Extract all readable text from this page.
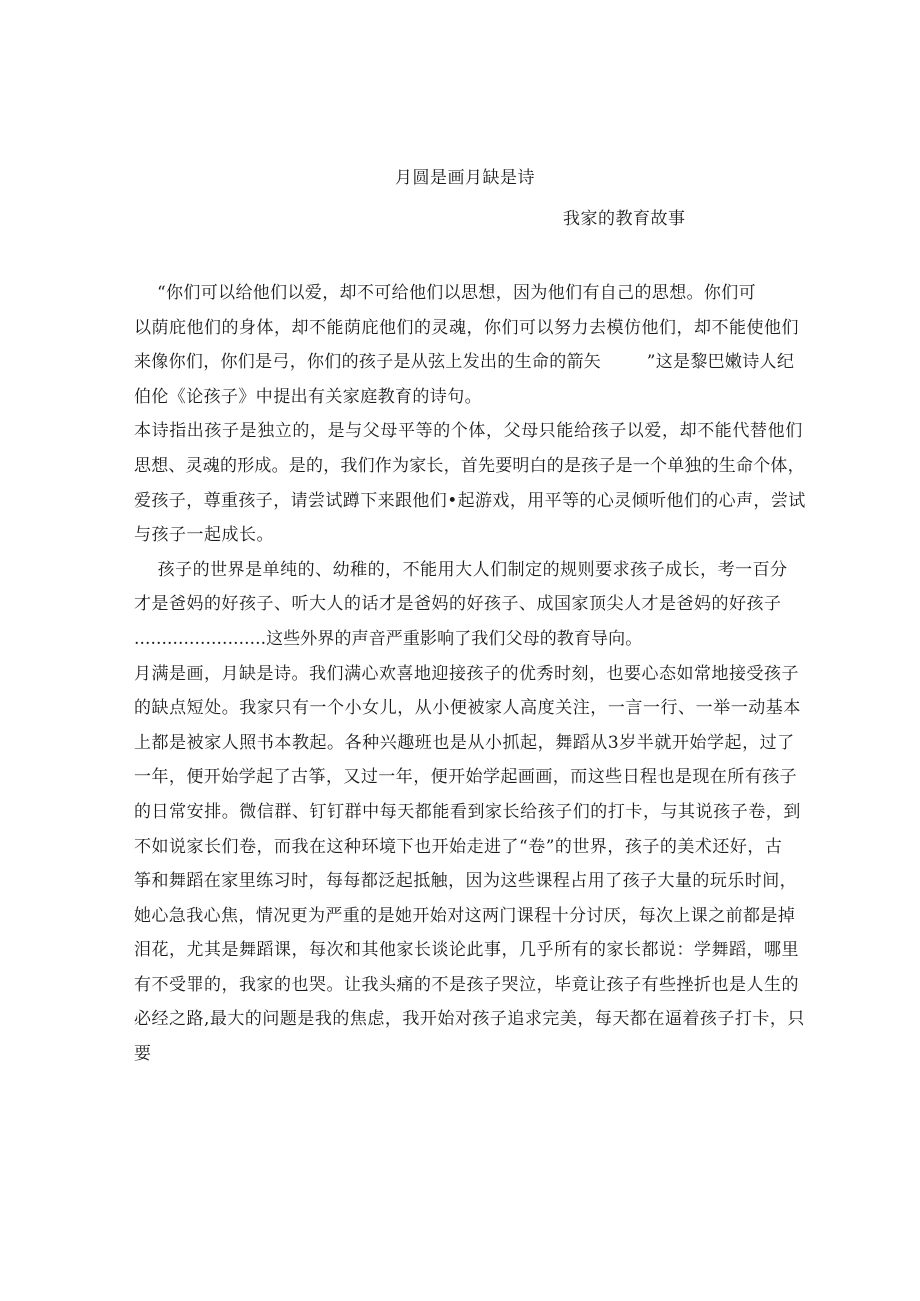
月圆是画月缺是诗
我家的教育故事
“你们可以给他们以爱，却不可给他们以思想，因为他们有自己的思想。你们可
以荫庇他们的身体，却不能荫庇他们的灵魂，你们可以努力去模仿他们，却不能使他们
来像你们，你们是弓，你们的孩子是从弦上发出的生命的箭矢        ”这是黎巴嫩诗人纪
伯伦《论孩子》中提出有关家庭教育的诗句。
本诗指出孩子是独立的，是与父母平等的个体，父母只能给孩子以爱，却不能代替他们
思想、灵魂的形成。是的，我们作为家长，首先要明白的是孩子是一个单独的生命个体，
爱孩子，尊重孩子，请尝试蹲下来跟他们•起游戏，用平等的心灵倾听他们的心声，尝试
与孩子一起成长。
孩子的世界是单纯的、幼稚的，不能用大人们制定的规则要求孩子成长，考一百分
才是爸妈的好孩子、听大人的话才是爸妈的好孩子、成国家顶尖人才是爸妈的好孩子
........................这些外界的声音严重影响了我们父母的教育导向。
月满是画，月缺是诗。我们满心欢喜地迎接孩子的优秀时刻，也要心态如常地接受孩子
的缺点短处。我家只有一个小女儿，从小便被家人高度关注，一言一行、一举一动基本
上都是被家人照书本教起。各种兴趣班也是从小抓起，舞蹈从3岁半就开始学起，过了
一年，便开始学起了古筝，又过一年，便开始学起画画，而这些日程也是现在所有孩子
的日常安排。微信群、钉钉群中每天都能看到家长给孩子们的打卡，与其说孩子卷，到
不如说家长们卷，而我在这种环境下也开始走进了“卷”的世界，孩子的美术还好，古
筝和舞蹈在家里练习时，每每都泛起抵触，因为这些课程占用了孩子大量的玩乐时间，
她心急我心焦，情况更为严重的是她开始对这两门课程十分讨厌，每次上课之前都是掉
泪花，尤其是舞蹈课，每次和其他家长谈论此事，几乎所有的家长都说：学舞蹈，哪里
有不受罪的，我家的也哭。让我头痛的不是孩子哭泣，毕竟让孩子有些挫折也是人生的
必经之路,最大的问题是我的焦虑，我开始对孩子追求完美，每天都在逼着孩子打卡，只
要
